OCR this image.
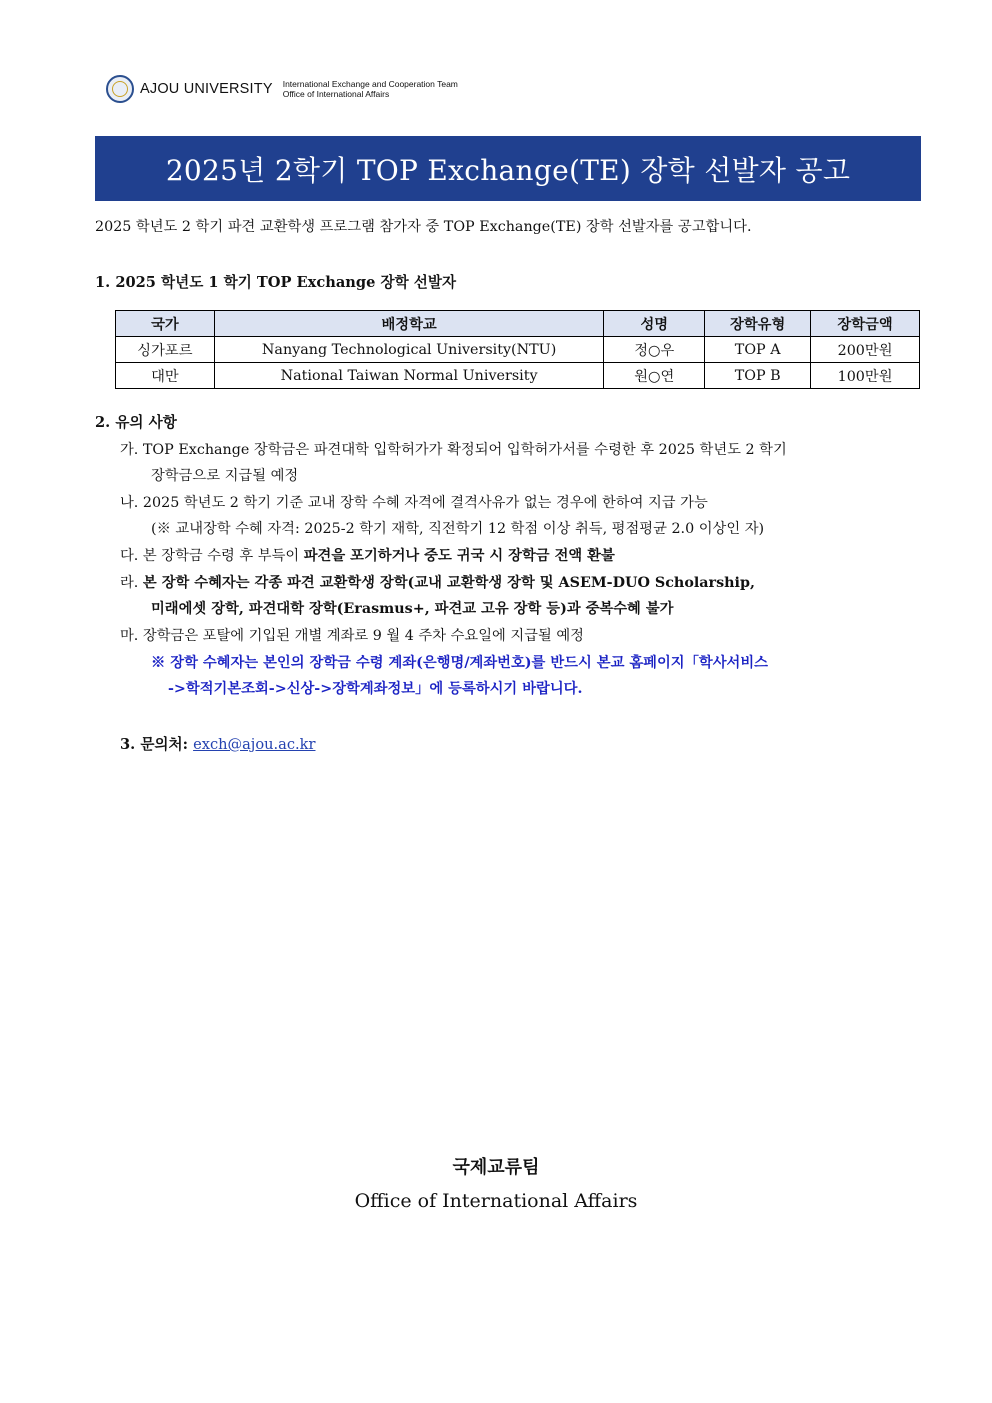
AJOU UNIVERSITY International Exchange and Cooperation Team
Office of International Affairs
2025년 2학기 TOP Exchange(TE) 장학 선발자 공고
2025 학년도 2 학기 파견 교환학생 프로그램 참가자 중 TOP Exchange(TE) 장학 선발자를 공고합니다.
1. 2025 학년도 1 학기 TOP Exchange 장학 선발자
국가	배정학교	성명	장학유형	장학금액
싱가포르	Nanyang Technological University(NTU)	정○우	TOP A	200만원
대만	National Taiwan Normal University	원○연	TOP B	100만원
2. 유의 사항
가. TOP Exchange 장학금은 파견대학 입학허가가 확정되어 입학허가서를 수령한 후 2025 학년도 2 학기
장학금으로 지급될 예정
나. 2025 학년도 2 학기 기준 교내 장학 수혜 자격에 결격사유가 없는 경우에 한하여 지급 가능
(※ 교내장학 수혜 자격: 2025-2 학기 재학, 직전학기 12 학점 이상 취득, 평점평균 2.0 이상인 자)
다. 본 장학금 수령 후 부득이 파견을 포기하거나 중도 귀국 시 장학금 전액 환불
라. 본 장학 수혜자는 각종 파견 교환학생 장학(교내 교환학생 장학 및 ASEM-DUO Scholarship,
미래에셋 장학, 파견대학 장학(Erasmus+, 파견교 고유 장학 등)과 중복수혜 불가
마. 장학금은 포탈에 기입된 개별 계좌로 9 월 4 주차 수요일에 지급될 예정
※ 장학 수혜자는 본인의 장학금 수령 계좌(은행명/계좌번호)를 반드시 본교 홈페이지「학사서비스
->학적기본조회->신상->장학계좌정보」에 등록하시기 바랍니다.
3. 문의처: exch@ajou.ac.kr
국제교류팀
Office of International Affairs
